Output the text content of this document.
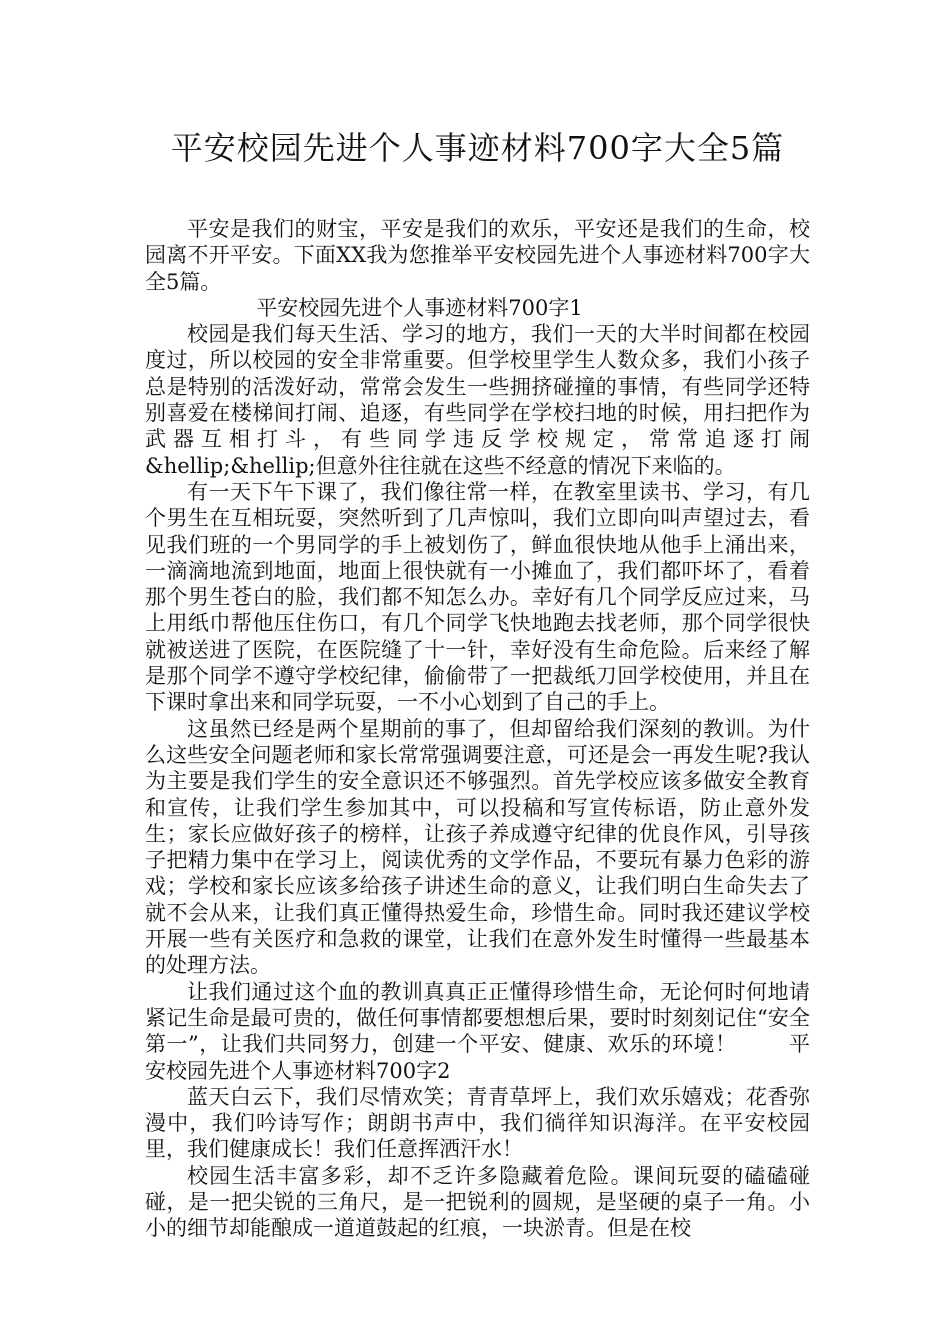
平安校园先进个人事迹材料700字大全5篇

平安是我们的财宝，平安是我们的欢乐，平安还是我们的生命，校园离不开平安。下面XX我为您推举平安校园先进个人事迹材料700字大全5篇。

平安校园先进个人事迹材料700字1

校园是我们每天生活、学习的地方，我们一天的大半时间都在校园度过，所以校园的安全非常重要。但学校里学生人数众多，我们小孩子总是特别的活泼好动，常常会发生一些拥挤碰撞的事情，有些同学还特别喜爱在楼梯间打闹、追逐，有些同学在学校扫地的时候，用扫把作为武器互相打斗，有些同学违反学校规定，常常追逐打闹&hellip;&hellip;但意外往往就在这些不经意的情况下来临的。

有一天下午下课了，我们像往常一样，在教室里读书、学习，有几个男生在互相玩耍，突然听到了几声惊叫，我们立即向叫声望过去，看见我们班的一个男同学的手上被划伤了，鲜血很快地从他手上涌出来，一滴滴地流到地面，地面上很快就有一小摊血了，我们都吓坏了，看着那个男生苍白的脸，我们都不知怎么办。幸好有几个同学反应过来，马上用纸巾帮他压住伤口，有几个同学飞快地跑去找老师，那个同学很快就被送进了医院，在医院缝了十一针，幸好没有生命危险。后来经了解是那个同学不遵守学校纪律，偷偷带了一把裁纸刀回学校使用，并且在下课时拿出来和同学玩耍，一不小心划到了自己的手上。

这虽然已经是两个星期前的事了，但却留给我们深刻的教训。为什么这些安全问题老师和家长常常强调要注意，可还是会一再发生呢?我认为主要是我们学生的安全意识还不够强烈。首先学校应该多做安全教育和宣传，让我们学生参加其中，可以投稿和写宣传标语，防止意外发生；家长应做好孩子的榜样，让孩子养成遵守纪律的优良作风，引导孩子把精力集中在学习上，阅读优秀的文学作品，不要玩有暴力色彩的游戏；学校和家长应该多给孩子讲述生命的意义，让我们明白生命失去了就不会从来，让我们真正懂得热爱生命，珍惜生命。同时我还建议学校开展一些有关医疗和急救的课堂，让我们在意外发生时懂得一些最基本的处理方法。

让我们通过这个血的教训真真正正懂得珍惜生命，无论何时何地请紧记生命是最可贵的，做任何事情都要想想后果，要时时刻刻记住“安全第一”，让我们共同努力，创建一个平安、健康、欢乐的环境！	平安校园先进个人事迹材料700字2

蓝天白云下，我们尽情欢笑；青青草坪上，我们欢乐嬉戏；花香弥漫中，我们吟诗写作；朗朗书声中，我们徜徉知识海洋。在平安校园里，我们健康成长！我们任意挥洒汗水！

校园生活丰富多彩，却不乏许多隐藏着危险。课间玩耍的磕磕碰碰，是一把尖锐的三角尺，是一把锐利的圆规，是坚硬的桌子一角。小小的细节却能酿成一道道鼓起的红痕，一块淤青。但是在校
